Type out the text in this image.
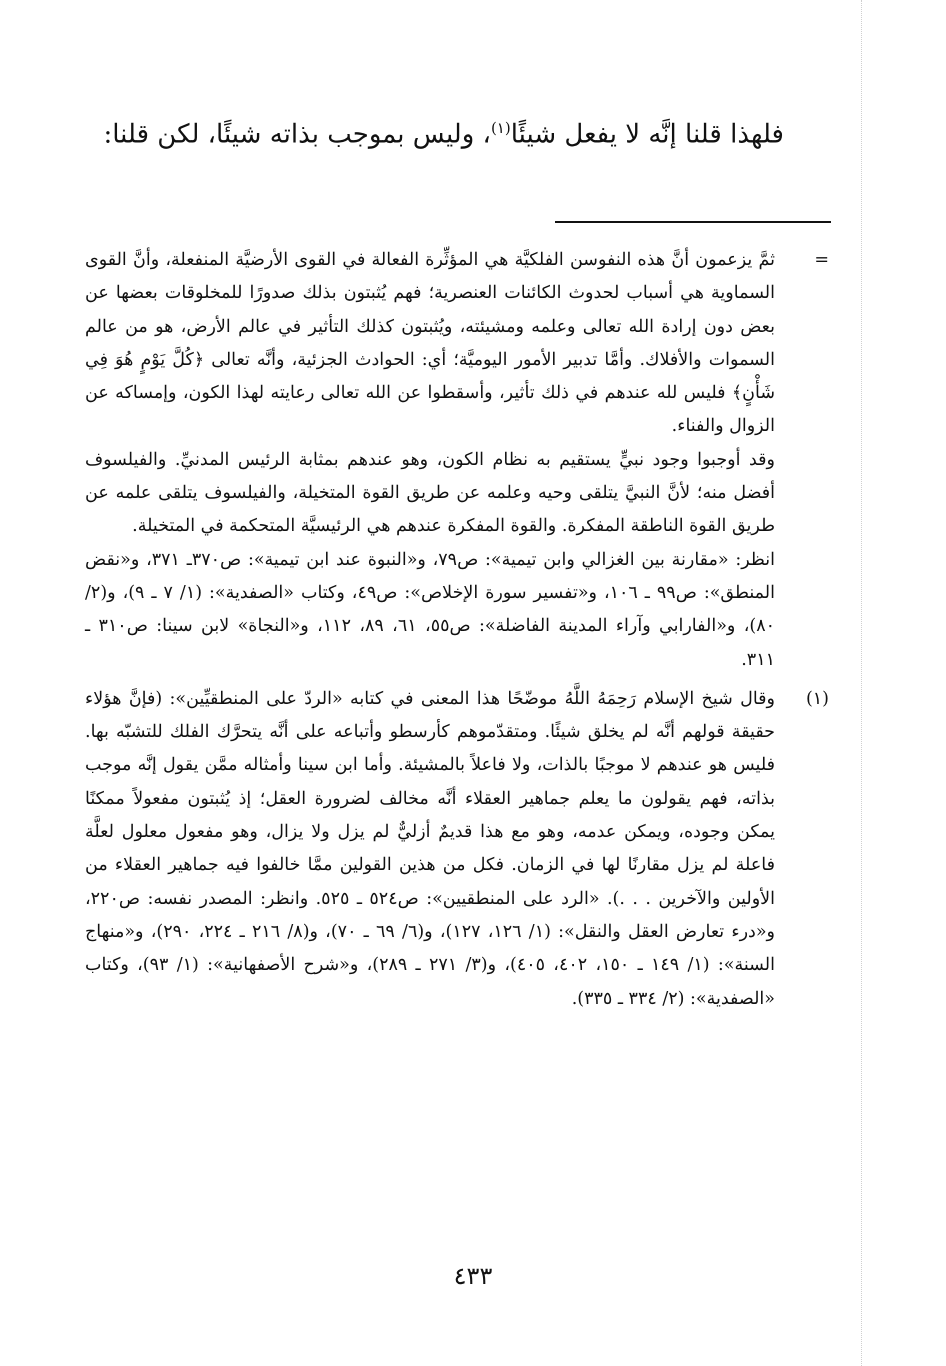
فلهذا قلنا إنَّه لا يفعل شيئًا$^{(١)}$، وليس بموجب بذاته شيئًا، لكن قلنا:
=

ثمَّ يزعمون أنَّ هذه النفوسن الفلكيَّة هي المؤثِّرة الفعالة في القوى الأرضيَّة المنفعلة، وأنَّ القوى السماوية هي أسباب لحدوث الكائنات العنصرية؛ فهم يُثبتون بذلك صدورًا للمخلوقات بعضها عن بعض دون إرادة الله تعالى وعلمه ومشيئته، ويُثبتون كذلك التأثير في عالم الأرض، هو من عالم السموات والأفلاك. وأمَّا تدبير الأمور اليوميَّة؛ أي: الحوادث الجزئية، وأنَّه تعالى ﴿كُلَّ يَوْمٍ هُوَ فِي شَأْنٍ﴾ فليس لله عندهم في ذلك تأثير، وأسقطوا عن الله تعالى رعايته لهذا الكون، وإمساكه عن الزوال والفناء.

وقد أوجبوا وجود نبيٍّ يستقيم به نظام الكون، وهو عندهم بمثابة الرئيس المدنيِّ. والفيلسوف أفضل منه؛ لأنَّ النبيَّ يتلقى وحيه وعلمه عن طريق القوة المتخيلة، والفيلسوف يتلقى علمه عن طريق القوة الناطقة المفكرة. والقوة المفكرة عندهم هي الرئيسيَّة المتحكمة في المتخيلة.

انظر: «مقارنة بين الغزالي وابن تيمية»: ص٧٩، و«النبوة عند ابن تيمية»: ص٣٧٠ـ ٣٧١، و«نقض المنطق»: ص٩٩ ـ ١٠٦، و«تفسير سورة الإخلاص»: ص٤٩، وكتاب «الصفدية»: (١/ ٧ ـ ٩)، و(٢/ ٨٠)، و«الفارابي وآراء المدينة الفاضلة»: ص٥٥، ٦١، ٨٩، ١١٢، و«النجاة» لابن سينا: ص٣١٠ ـ ٣١١.

(١)

وقال شيخ الإسلام رَحِمَهُ اللَّهُ موضّحًا هذا المعنى في كتابه «الردّ على المنطقيِّين»: (فإنَّ هؤلاء حقيقة قولهم أنَّه لم يخلق شيئًا. ومتقدّموهم كأرسطو وأتباعه على أنَّه يتحرَّك الفلك للتشبّه بها. فليس هو عندهم لا موجبًا بالذات، ولا فاعلاً بالمشيئة. وأما ابن سينا وأمثاله ممَّن يقول إنَّه موجب بذاته، فهم يقولون ما يعلم جماهير العقلاء أنَّه مخالف لضرورة العقل؛ إذ يُثبتون مفعولاً ممكنًا يمكن وجوده، ويمكن عدمه، وهو مع هذا قديمٌ أزليٌّ لم يزل ولا يزال، وهو مفعول معلول لعلَّة فاعلة لم يزل مقارنًا لها في الزمان. فكل من هذين القولين ممَّا خالفوا فيه جماهير العقلاء من الأولين والآخرين . . .). «الرد على المنطقيين»: ص٥٢٤ ـ ٥٢٥. وانظر: المصدر نفسه: ص٢٢٠، و«درء تعارض العقل والنقل»: (١/ ١٢٦، ١٢٧)، و(٦/ ٦٩ ـ ٧٠)، و(٨/ ٢١٦ ـ ٢٢٤، ٢٩٠)، و«منهاج السنة»: (١/ ١٤٩ ـ ١٥٠، ٤٠٢، ٤٠٥)، و(٣/ ٢٧١ ـ ٢٨٩)، و«شرح الأصفهانية»: (١/ ٩٣)، وكتاب «الصفدية»: (٢/ ٣٣٤ ـ ٣٣٥).

٤٣٣
